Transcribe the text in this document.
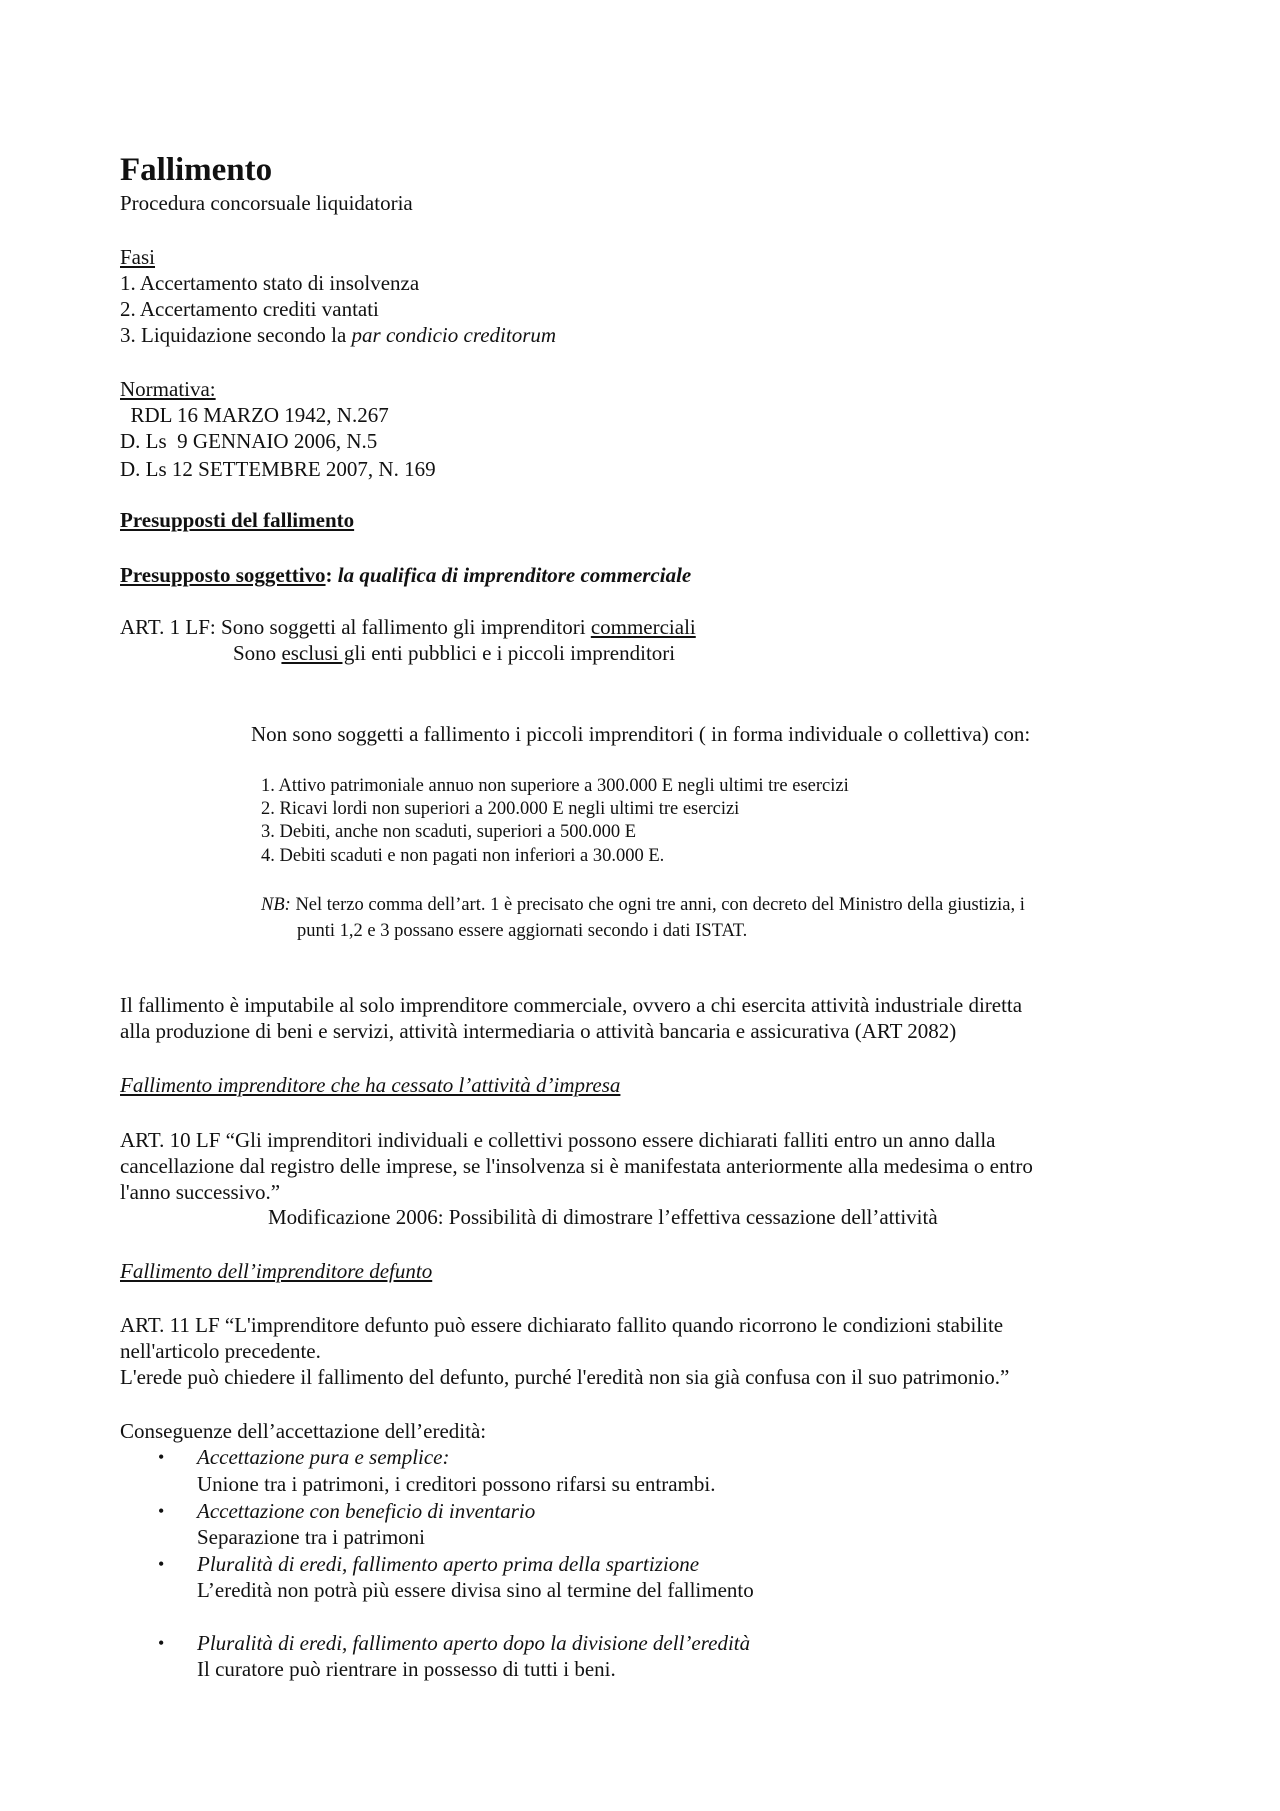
Fallimento
Procedura concorsuale liquidatoria
Fasi
1. Accertamento stato di insolvenza
2. Accertamento crediti vantati
3. Liquidazione secondo la par condicio creditorum
Normativa:
RDL 16 MARZO 1942, N.267
D. Ls  9 GENNAIO 2006, N.5
D. Ls 12 SETTEMBRE 2007, N. 169
Presupposti del fallimento
Presupposto soggettivo: la qualifica di imprenditore commerciale
ART. 1 LF: Sono soggetti al fallimento gli imprenditori commerciali
Sono esclusi gli enti pubblici e i piccoli imprenditori
Non sono soggetti a fallimento i piccoli imprenditori ( in forma individuale o collettiva) con:
1. Attivo patrimoniale annuo non superiore a 300.000 E negli ultimi tre esercizi
2. Ricavi lordi non superiori a 200.000 E negli ultimi tre esercizi
3. Debiti, anche non scaduti, superiori a 500.000 E
4. Debiti scaduti e non pagati non inferiori a 30.000 E.
NB: Nel terzo comma dell’art. 1 è precisato che ogni tre anni, con decreto del Ministro della giustizia, i
punti 1,2 e 3 possano essere aggiornati secondo i dati ISTAT.
Il fallimento è imputabile al solo imprenditore commerciale, ovvero a chi esercita attività industriale diretta
alla produzione di beni e servizi, attività intermediaria o attività bancaria e assicurativa (ART 2082)
Fallimento imprenditore che ha cessato l’attività d’impresa
ART. 10 LF “Gli imprenditori individuali e collettivi possono essere dichiarati falliti entro un anno dalla
cancellazione dal registro delle imprese, se l'insolvenza si è manifestata anteriormente alla medesima o entro
l'anno successivo.”
Modificazione 2006: Possibilità di dimostrare l’effettiva cessazione dell’attività
Fallimento dell’imprenditore defunto
ART. 11 LF “L'imprenditore defunto può essere dichiarato fallito quando ricorrono le condizioni stabilite
nell'articolo precedente.
L'erede può chiedere il fallimento del defunto, purché l'eredità non sia già confusa con il suo patrimonio.”
Conseguenze dell’accettazione dell’eredità:
• Accettazione pura e semplice:
Unione tra i patrimoni, i creditori possono rifarsi su entrambi.
• Accettazione con beneficio di inventario
Separazione tra i patrimoni
• Pluralità di eredi, fallimento aperto prima della spartizione
L’eredità non potrà più essere divisa sino al termine del fallimento
• Pluralità di eredi, fallimento aperto dopo la divisione dell’eredità
Il curatore può rientrare in possesso di tutti i beni.
